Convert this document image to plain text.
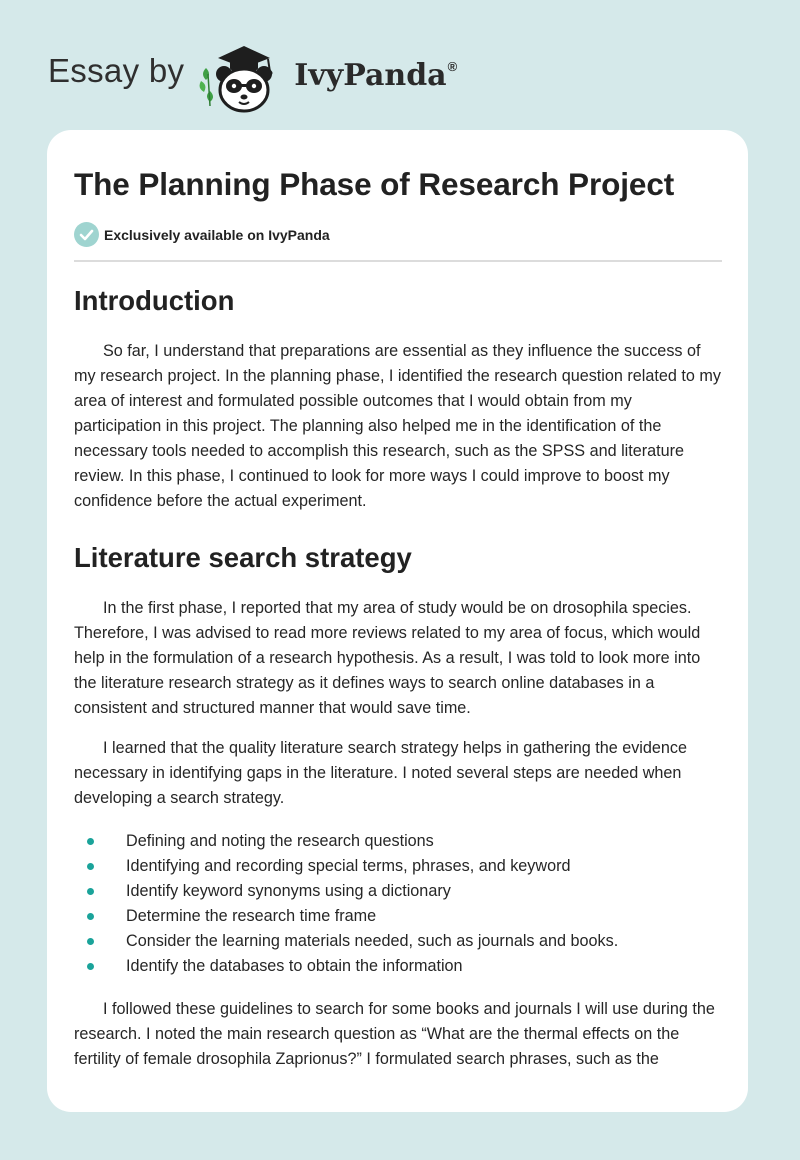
Essay by	IvyPanda®
The Planning Phase of Research Project
Exclusively available on IvyPanda
Introduction

So far, I understand that preparations are essential as they influence the success of my research project. In the planning phase, I identified the research question related to my area of interest and formulated possible outcomes that I would obtain from my participation in this project. The planning also helped me in the identification of the necessary tools needed to accomplish this research, such as the SPSS and literature review. In this phase, I continued to look for more ways I could improve to boost my confidence before the actual experiment.

Literature search strategy

In the first phase, I reported that my area of study would be on drosophila species. Therefore, I was advised to read more reviews related to my area of focus, which would help in the formulation of a research hypothesis. As a result, I was told to look more into the literature research strategy as it defines ways to search online databases in a consistent and structured manner that would save time.

I learned that the quality literature search strategy helps in gathering the evidence necessary in identifying gaps in the literature. I noted several steps are needed when developing a search strategy.

Defining and noting the research questions
Identifying and recording special terms, phrases, and keyword
Identify keyword synonyms using a dictionary
Determine the research time frame
Consider the learning materials needed, such as journals and books.
Identify the databases to obtain the information

I followed these guidelines to search for some books and journals I will use during the research. I noted the main research question as “What are the thermal effects on the fertility of female drosophila Zaprionus?” I formulated search phrases, such as the
